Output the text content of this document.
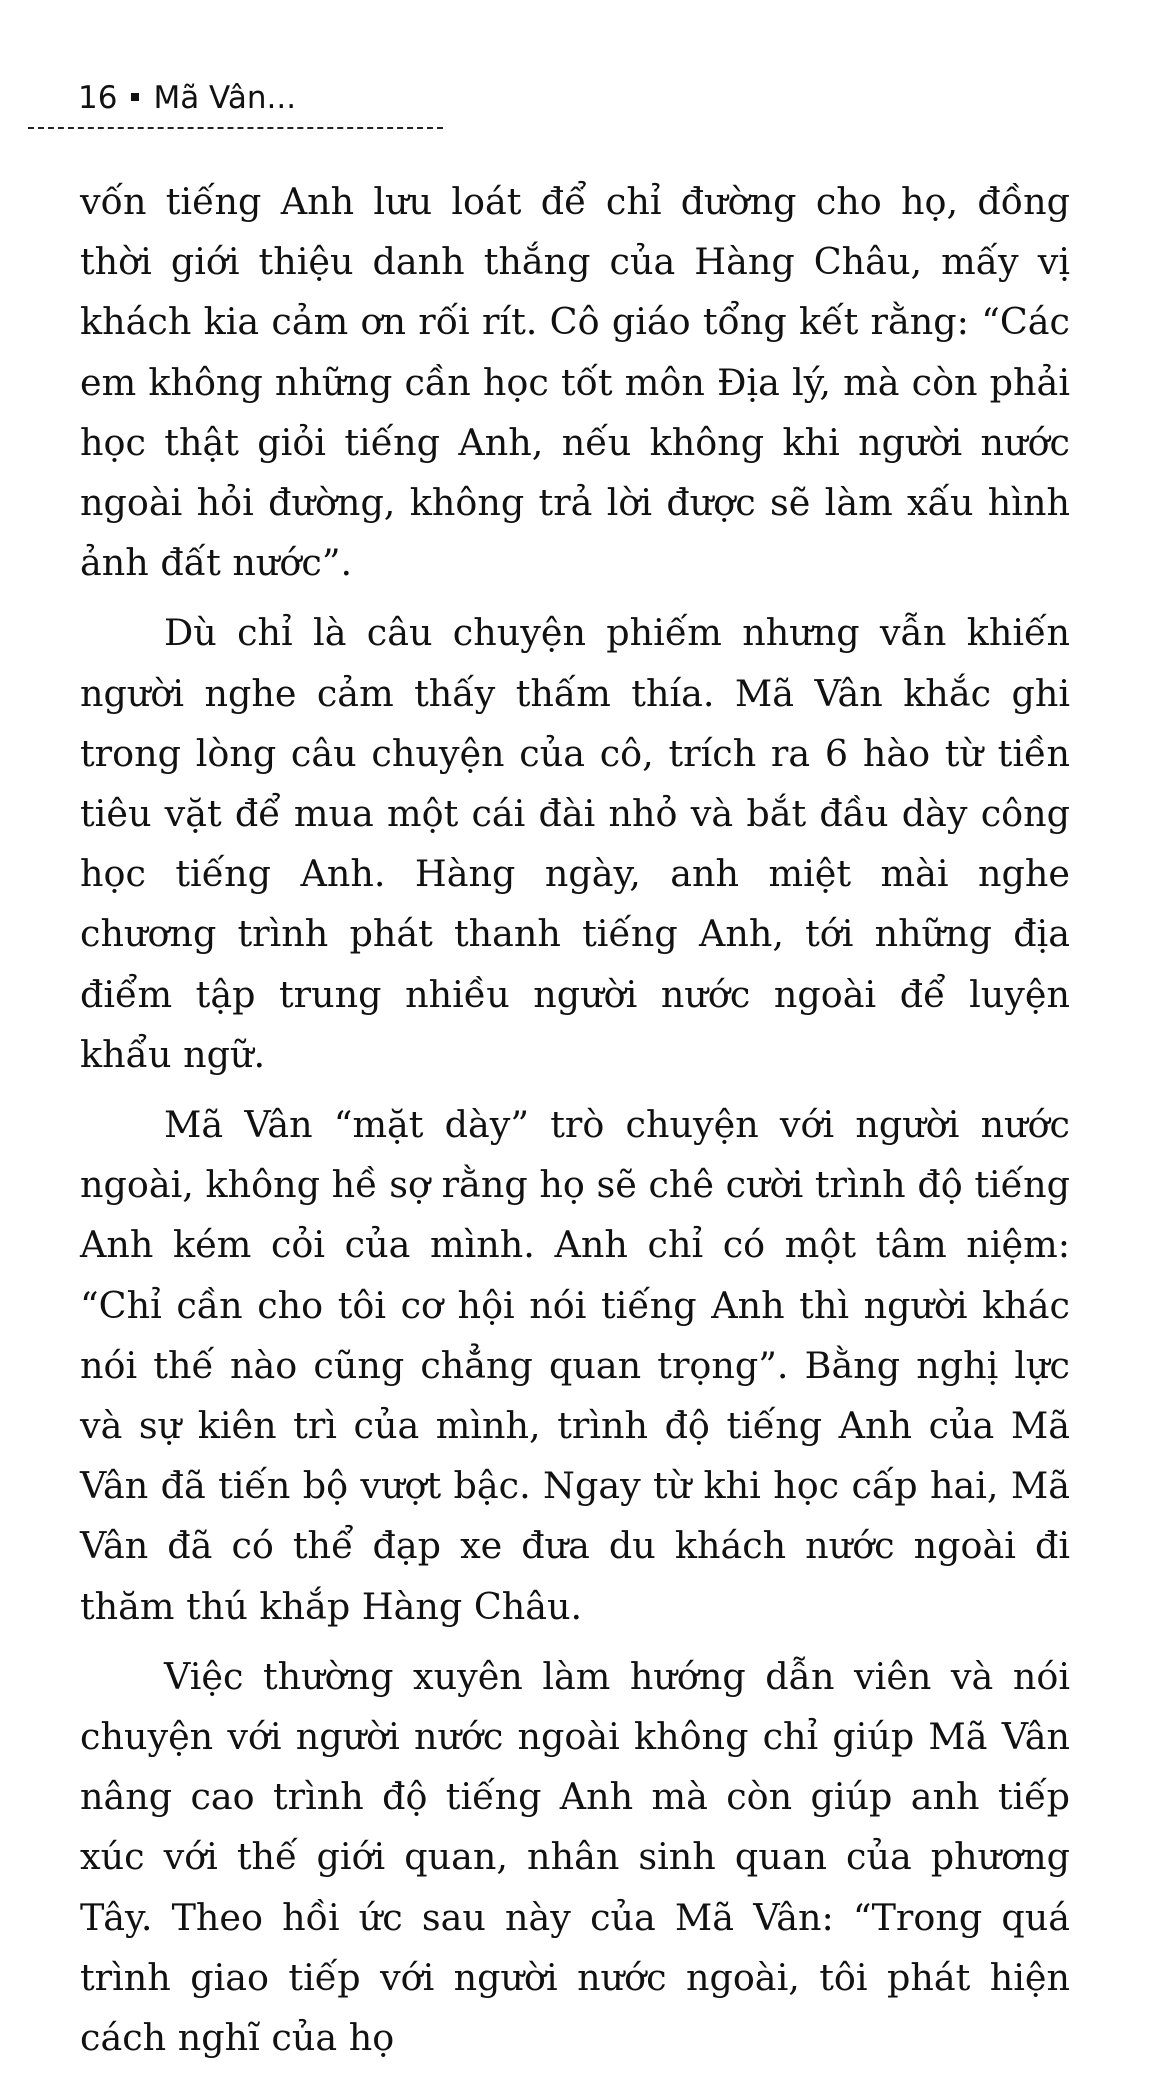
16 Mã Vân...

vốn tiếng Anh lưu loát để chỉ đường cho họ, đồng thời giới thiệu danh thắng của Hàng Châu, mấy vị khách kia cảm ơn rối rít. Cô giáo tổng kết rằng: “Các em không những cần học tốt môn Địa lý, mà còn phải học thật giỏi tiếng Anh, nếu không khi người nước ngoài hỏi đường, không trả lời được sẽ làm xấu hình ảnh đất nước”.

Dù chỉ là câu chuyện phiếm nhưng vẫn khiến người nghe cảm thấy thấm thía. Mã Vân khắc ghi trong lòng câu chuyện của cô, trích ra 6 hào từ tiền tiêu vặt để mua một cái đài nhỏ và bắt đầu dày công học tiếng Anh. Hàng ngày, anh miệt mài nghe chương trình phát thanh tiếng Anh, tới những địa điểm tập trung nhiều người nước ngoài để luyện khẩu ngữ.

Mã Vân “mặt dày” trò chuyện với người nước ngoài, không hề sợ rằng họ sẽ chê cười trình độ tiếng Anh kém cỏi của mình. Anh chỉ có một tâm niệm: “Chỉ cần cho tôi cơ hội nói tiếng Anh thì người khác nói thế nào cũng chẳng quan trọng”. Bằng nghị lực và sự kiên trì của mình, trình độ tiếng Anh của Mã Vân đã tiến bộ vượt bậc. Ngay từ khi học cấp hai, Mã Vân đã có thể đạp xe đưa du khách nước ngoài đi thăm thú khắp Hàng Châu.

Việc thường xuyên làm hướng dẫn viên và nói chuyện với người nước ngoài không chỉ giúp Mã Vân nâng cao trình độ tiếng Anh mà còn giúp anh tiếp xúc với thế giới quan, nhân sinh quan của phương Tây. Theo hồi ức sau này của Mã Vân: “Trong quá trình giao tiếp với người nước ngoài, tôi phát hiện cách nghĩ của họ
